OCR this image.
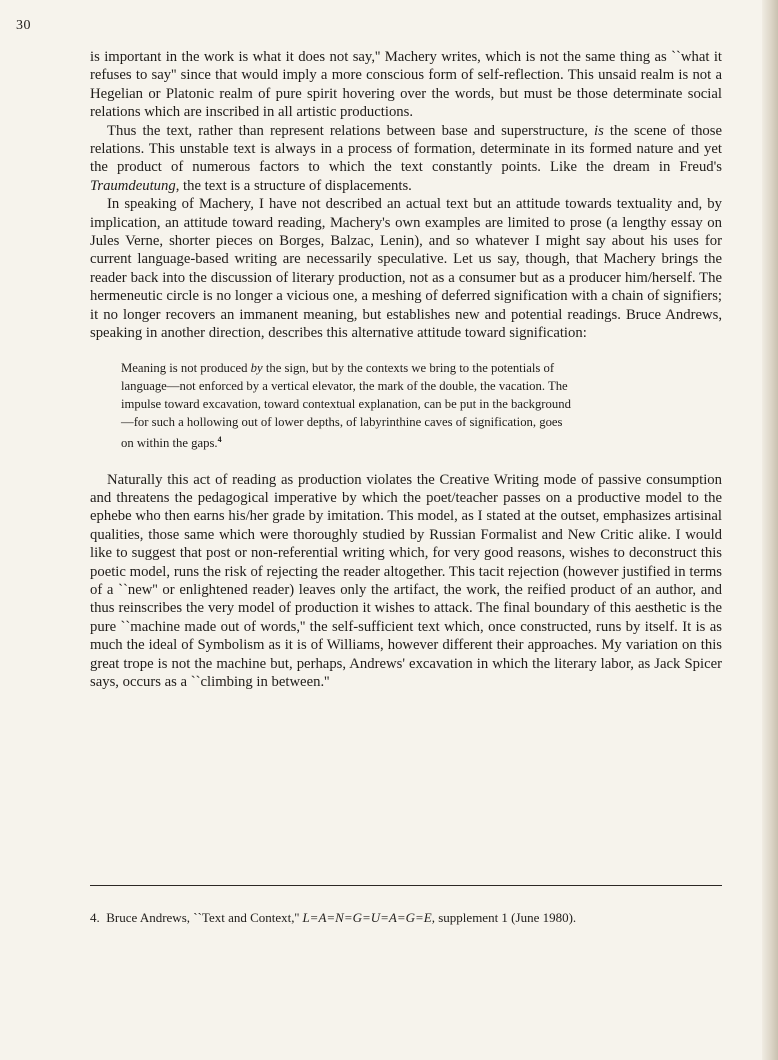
30

is important in the work is what it does not say,'' Machery writes, which is not the same thing as ``what it refuses to say'' since that would imply a more conscious form of self-reflection. This unsaid realm is not a Hegelian or Platonic realm of pure spirit hovering over the words, but must be those determinate social relations which are inscribed in all artistic productions.

Thus the text, rather than represent relations between base and superstructure, is the scene of those relations. This unstable text is always in a process of formation, determinate in its formed nature and yet the product of numerous factors to which the text constantly points. Like the dream in Freud's Traumdeutung, the text is a structure of displacements.

In speaking of Machery, I have not described an actual text but an attitude towards textuality and, by implication, an attitude toward reading, Machery's own examples are limited to prose (a lengthy essay on Jules Verne, shorter pieces on Borges, Balzac, Lenin), and so whatever I might say about his uses for current language-based writing are necessarily speculative. Let us say, though, that Machery brings the reader back into the discussion of literary production, not as a consumer but as a producer him/herself. The hermeneutic circle is no longer a vicious one, a meshing of deferred signification with a chain of signifiers; it no longer recovers an immanent meaning, but establishes new and potential readings. Bruce Andrews, speaking in another direction, describes this alternative attitude toward signification:

Meaning is not produced by the sign, but by the contexts we bring to the potentials of language—not enforced by a vertical elevator, the mark of the double, the vacation. The impulse toward excavation, toward contextual explanation, can be put in the background—for such a hollowing out of lower depths, of labyrinthine caves of signification, goes on within the gaps.$^4$

Naturally this act of reading as production violates the Creative Writing mode of passive consumption and threatens the pedagogical imperative by which the poet/teacher passes on a productive model to the ephebe who then earns his/her grade by imitation. This model, as I stated at the outset, emphasizes artisinal qualities, those same which were thoroughly studied by Russian Formalist and New Critic alike. I would like to suggest that post or non-referential writing which, for very good reasons, wishes to deconstruct this poetic model, runs the risk of rejecting the reader altogether. This tacit rejection (however justified in terms of a ``new'' or enlightened reader) leaves only the artifact, the work, the reified product of an author, and thus reinscribes the very model of production it wishes to attack. The final boundary of this aesthetic is the pure ``machine made out of words,'' the self-sufficient text which, once constructed, runs by itself. It is as much the ideal of Symbolism as it is of Williams, however different their approaches. My variation on this great trope is not the machine but, perhaps, Andrews' excavation in which the literary labor, as Jack Spicer says, occurs as a ``climbing in between.''

4. Bruce Andrews, ``Text and Context,'' L=A=N=G=U=A=G=E, supplement 1 (June 1980).
